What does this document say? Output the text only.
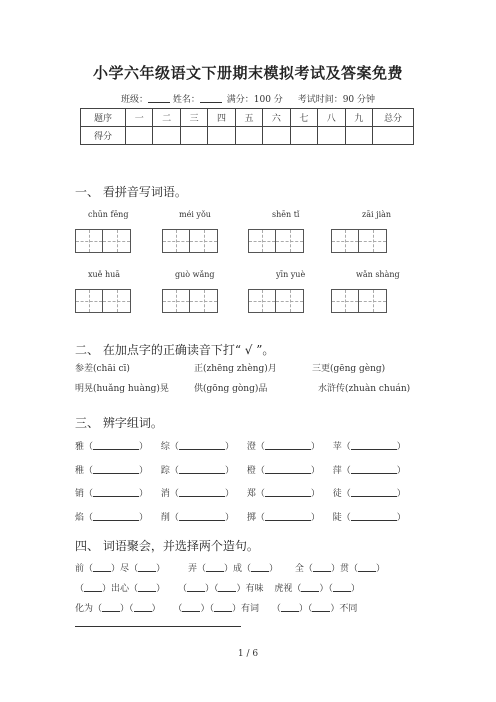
小学六年级语文下册期末模拟考试及答案免费
班级：	姓名：	满分：100 分 考试时间：90 分钟
题序	一	二	三	四	五	六	七	八	九	总分
得分										
一、 看拼音写词语。
chūn fēng	méi yǒu	shēn tǐ	zāi jiàn
xuě huā	guò wǎng	yīn yuè	wǎn shàng
二、 在加点字的正确读音下打“ √ ”。
参差(chāi cī)	正(zhēng zhèng)月	三更(gēng gèng)
明晃(huǎng huàng)晃	供(gōng gòng)品	水浒传(zhuàn chuán)
三、 辨字组词。
雅（	） 综（	） 澄（	） 苹（	）
稚（	） 踪（	） 橙（	） 萍（	）
销（	） 消（	） 郑（	） 徒（	）
焰（	） 削（	） 掷（	） 陡（	）
四、 词语聚会，并选择两个造句。
前（ ）尽（ ） 弄（ ）成（ ） 全（ ）贯（ ）
（ ）出心（ ） （ ）（ ）有味 虎视（ ）（ ）
化为（ ）（ ） （ ）（ ）有词 （ ）（ ）不同
1 / 6
